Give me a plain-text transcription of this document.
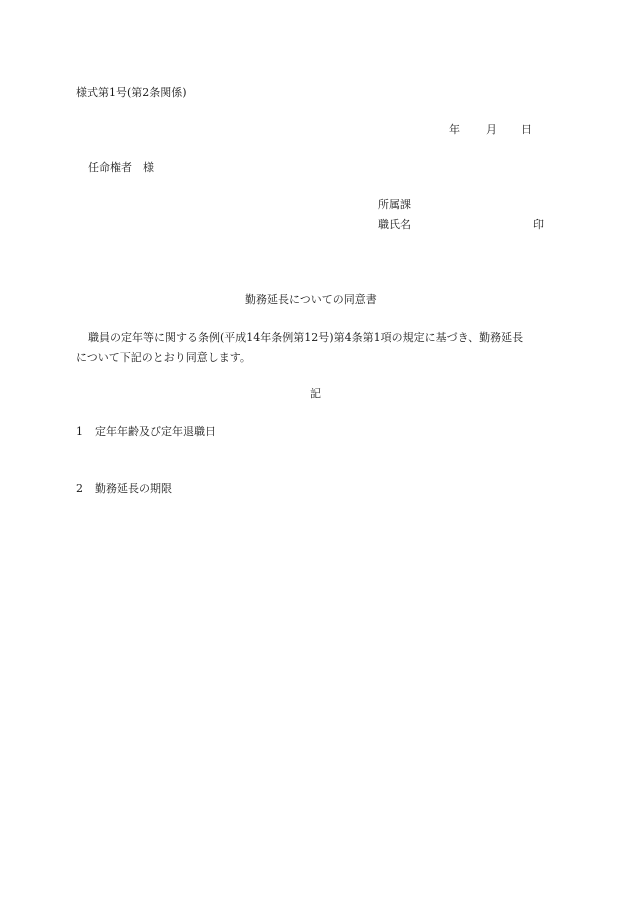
様式第1号(第2条関係)
年 月 日
任命権者　様
所属課
職氏名	印
勤務延長についての同意書

職員の定年等に関する条例(平成14年条例第12号)第4条第1項の規定に基づき、勤務延長

について下記のとおり同意します。

記
1 定年年齢及び定年退職日
2 勤務延長の期限
